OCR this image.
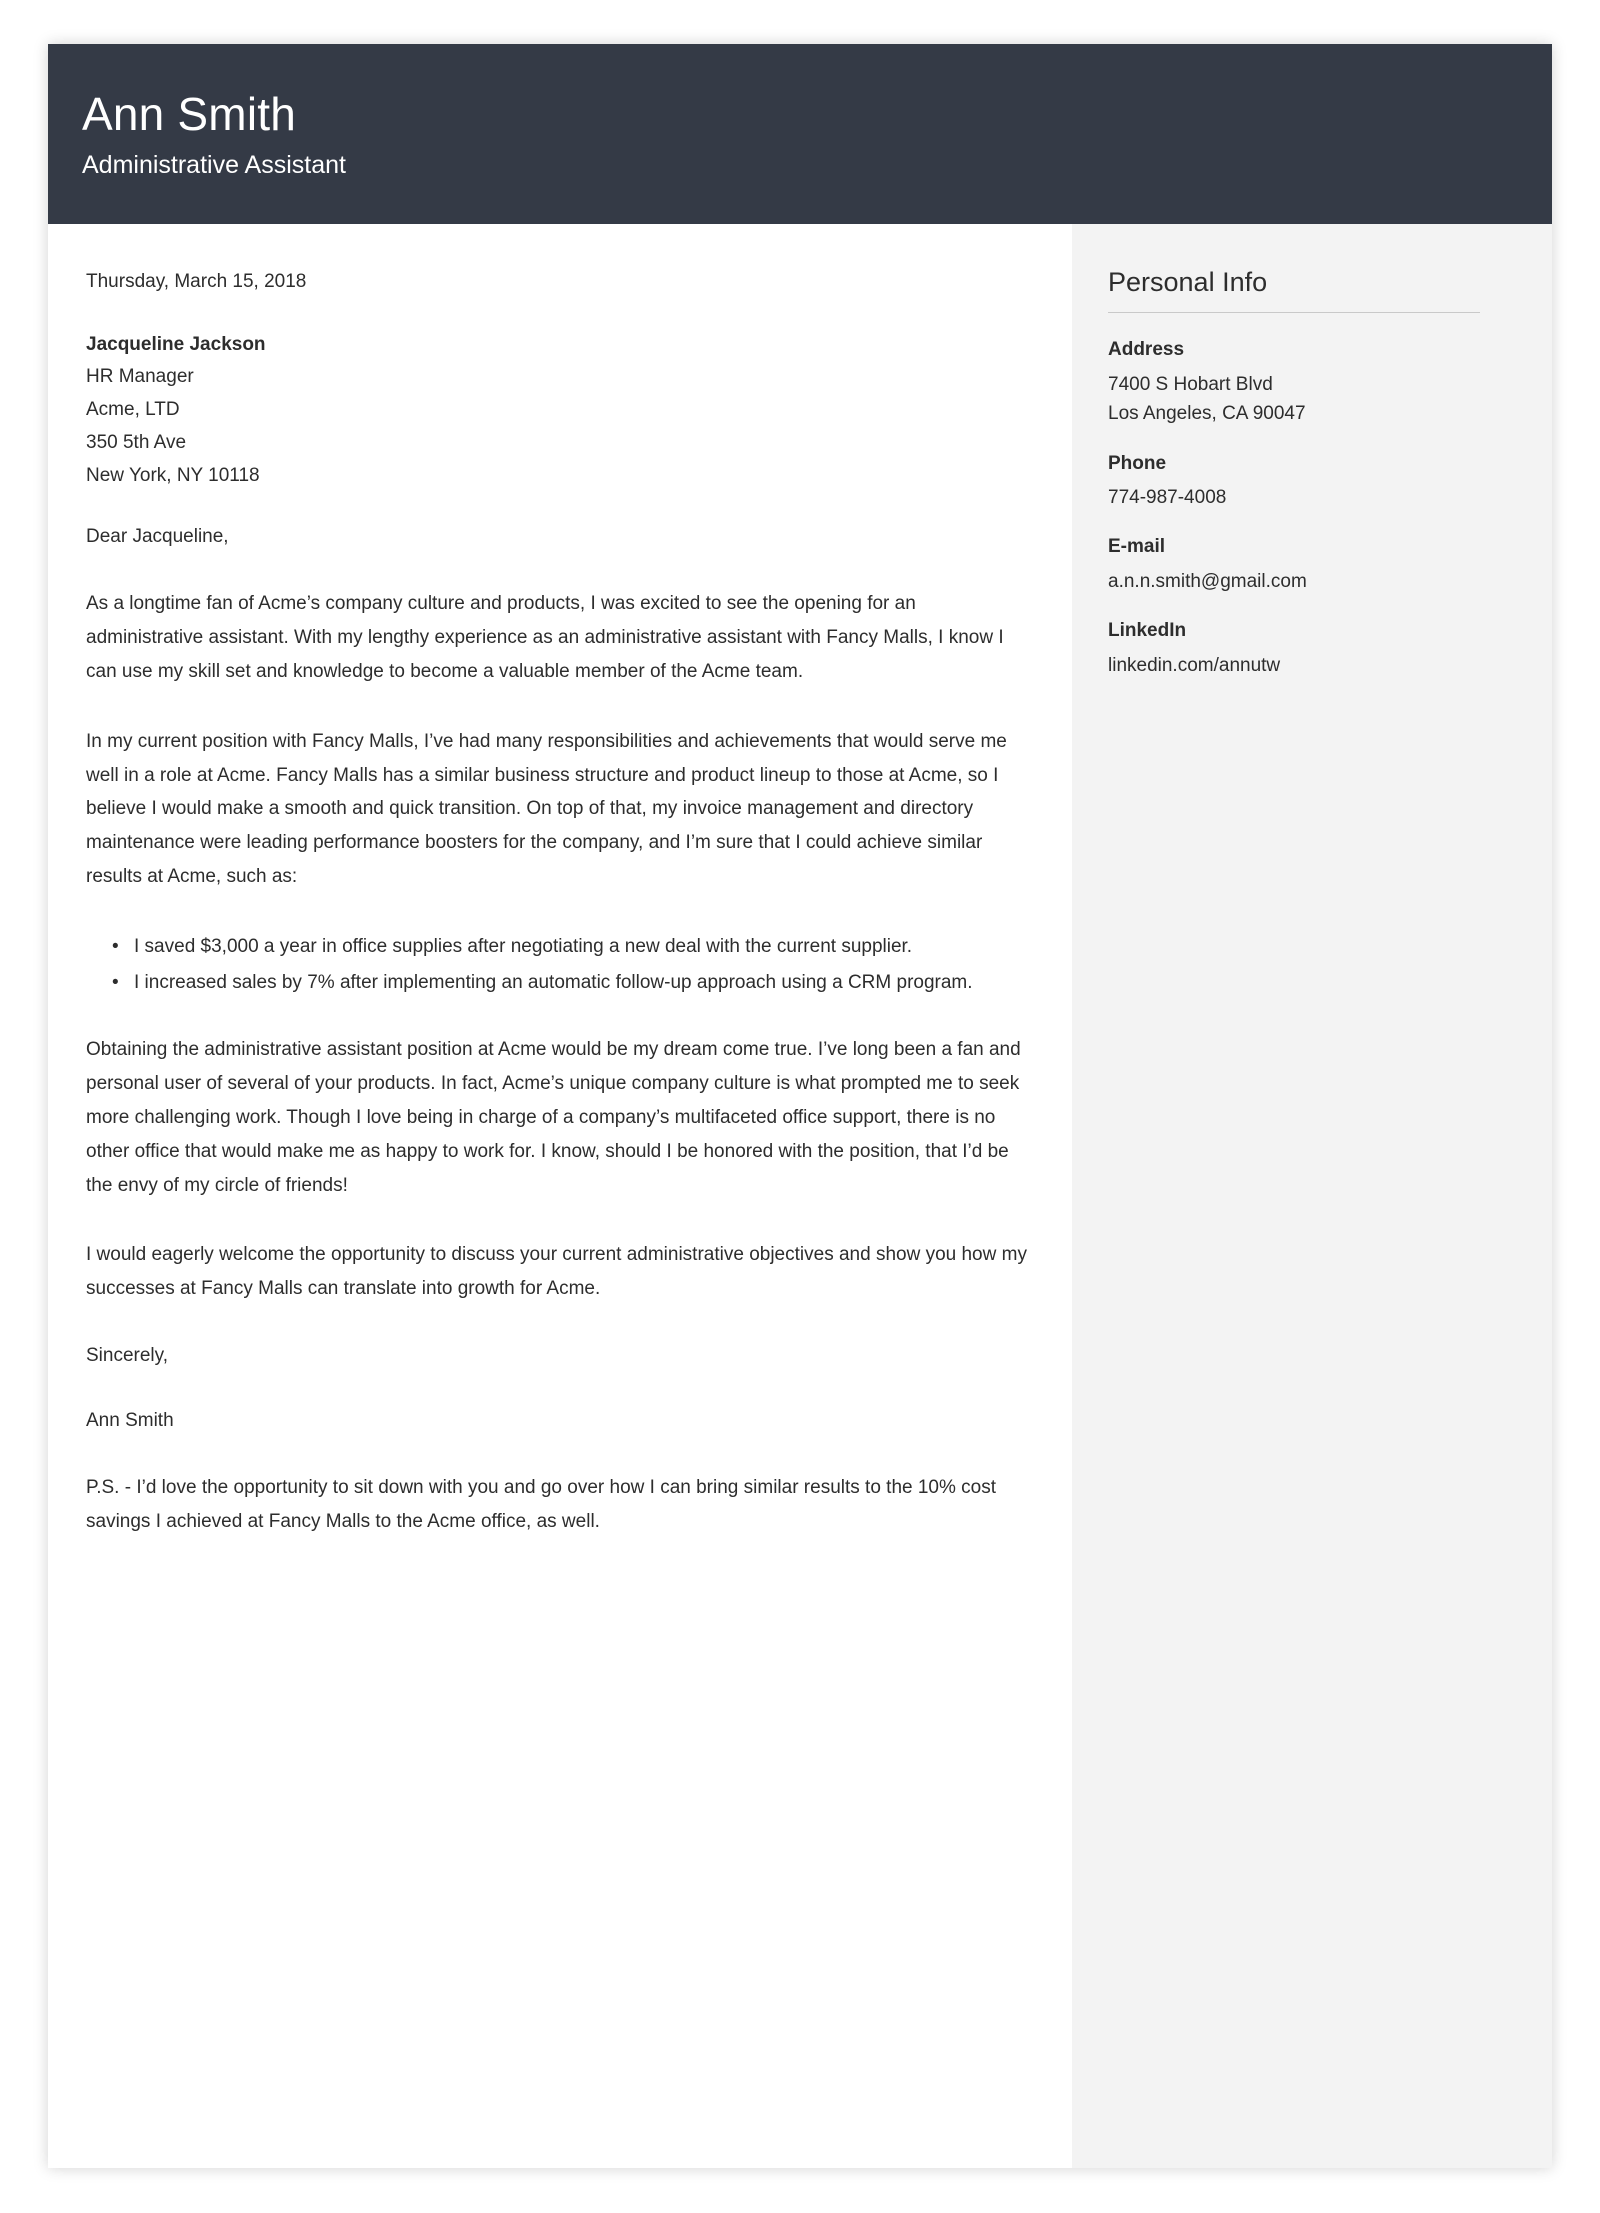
Ann Smith
Administrative Assistant
Thursday, March 15, 2018
Jacqueline Jackson
HR Manager
Acme, LTD
350 5th Ave
New York, NY 10118
Dear Jacqueline,

As a longtime fan of Acme’s company culture and products, I was excited to see the opening for an administrative assistant. With my lengthy experience as an administrative assistant with Fancy Malls, I know I can use my skill set and knowledge to become a valuable member of the Acme team.

In my current position with Fancy Malls, I’ve had many responsibilities and achievements that would serve me well in a role at Acme. Fancy Malls has a similar business structure and product lineup to those at Acme, so I believe I would make a smooth and quick transition. On top of that, my invoice management and directory maintenance were leading performance boosters for the company, and I’m sure that I could achieve similar results at Acme, such as:

• I saved $3,000 a year in office supplies after negotiating a new deal with the current supplier.
• I increased sales by 7% after implementing an automatic follow-up approach using a CRM program.

Obtaining the administrative assistant position at Acme would be my dream come true. I’ve long been a fan and personal user of several of your products. In fact, Acme’s unique company culture is what prompted me to seek more challenging work. Though I love being in charge of a company’s multifaceted office support, there is no other office that would make me as happy to work for. I know, should I be honored with the position, that I’d be the envy of my circle of friends!

I would eagerly welcome the opportunity to discuss your current administrative objectives and show you how my successes at Fancy Malls can translate into growth for Acme.

Sincerely,
Ann Smith

P.S. - I’d love the opportunity to sit down with you and go over how I can bring similar results to the 10% cost savings I achieved at Fancy Malls to the Acme office, as well.

Personal Info
Address
7400 S Hobart Blvd
Los Angeles, CA 90047
Phone
774-987-4008
E-mail
a.n.n.smith@gmail.com
LinkedIn
linkedin.com/annutw
